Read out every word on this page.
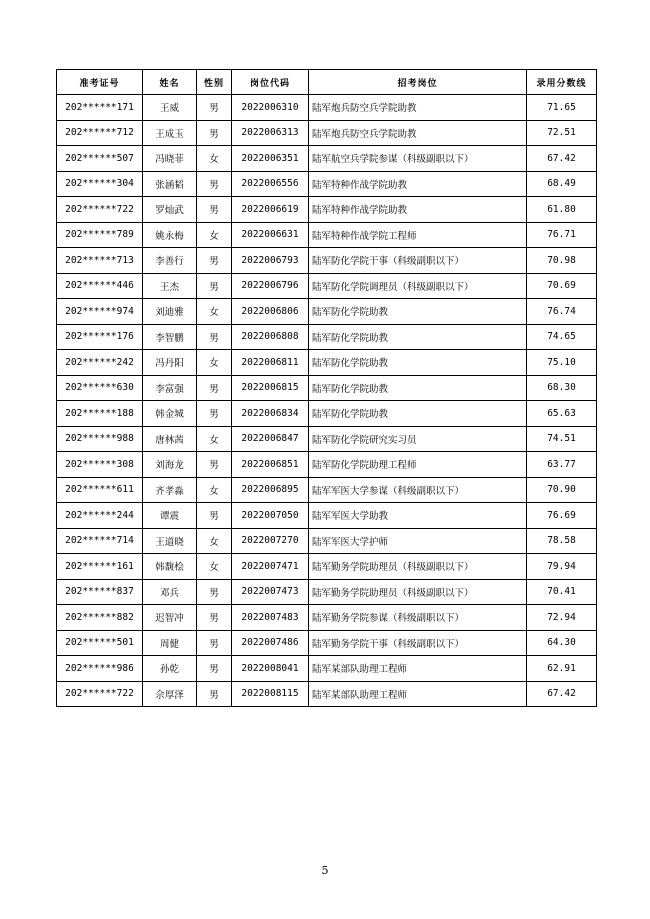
准考证号	姓名	性别	岗位代码	招考岗位	录用分数线
202******171	王威	男	2022006310	陆军炮兵防空兵学院助教	71.65
202******712	王成玉	男	2022006313	陆军炮兵防空兵学院助教	72.51
202******507	冯晓菲	女	2022006351	陆军航空兵学院参谋（科级副职以下）	67.42
202******304	张涵韬	男	2022006556	陆军特种作战学院助教	68.49
202******722	罗灿武	男	2022006619	陆军特种作战学院助教	61.80
202******789	姚永梅	女	2022006631	陆军特种作战学院工程师	76.71
202******713	李善行	男	2022006793	陆军防化学院干事（科级副职以下）	70.98
202******446	王杰	男	2022006796	陆军防化学院调理员（科级副职以下）	70.69
202******974	刘迪雅	女	2022006806	陆军防化学院助教	76.74
202******176	李智鹏	男	2022006808	陆军防化学院助教	74.65
202******242	冯丹阳	女	2022006811	陆军防化学院助教	75.10
202******630	李富强	男	2022006815	陆军防化学院助教	68.30
202******188	韩金城	男	2022006834	陆军防化学院助教	65.63
202******988	唐林茜	女	2022006847	陆军防化学院研究实习员	74.51
202******308	刘海龙	男	2022006851	陆军防化学院助理工程师	63.77
202******611	齐孝淼	女	2022006895	陆军军医大学参谋（科级副职以下）	70.90
202******244	谭震	男	2022007050	陆军军医大学助教	76.69
202******714	王道晓	女	2022007270	陆军军医大学护师	78.58
202******161	韩馥桧	女	2022007471	陆军勤务学院助理员（科级副职以下）	79.94
202******837	邓兵	男	2022007473	陆军勤务学院助理员（科级副职以下）	70.41
202******882	迟智冲	男	2022007483	陆军勤务学院参谋（科级副职以下）	72.94
202******501	周健	男	2022007486	陆军勤务学院干事（科级副职以下）	64.30
202******986	孙乾	男	2022008041	陆军某部队助理工程师	62.91
202******722	佘厚泽	男	2022008115	陆军某部队助理工程师	67.42
5
